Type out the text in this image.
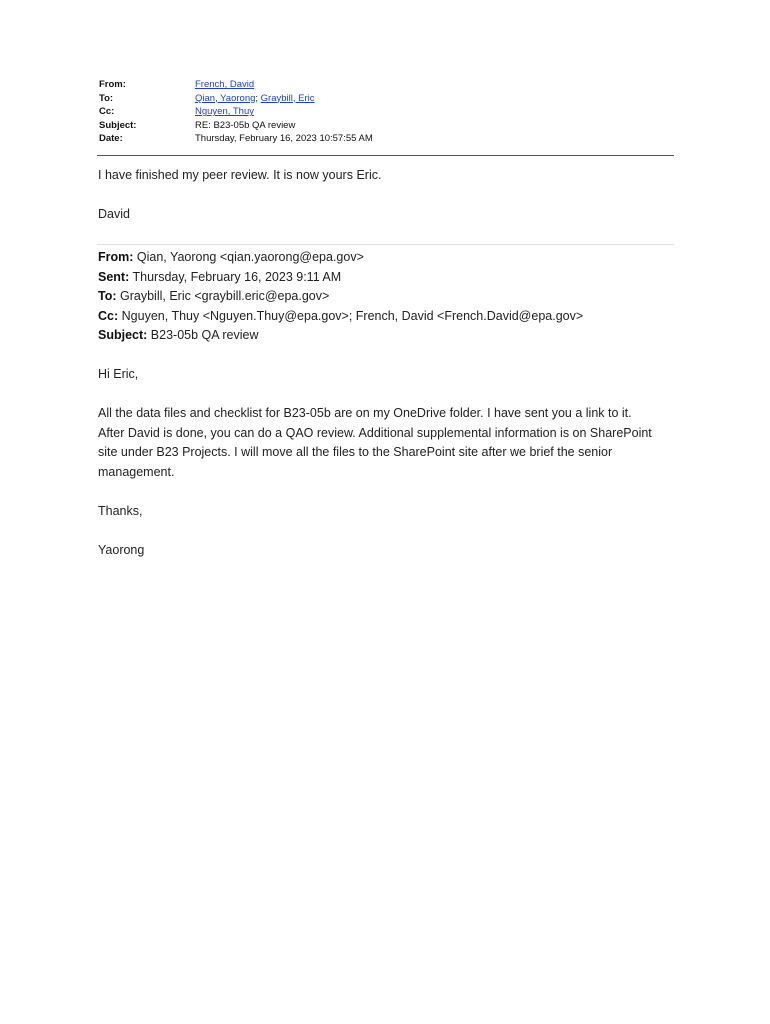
From:	French, David
To:	Qian, Yaorong; Graybill, Eric
Cc:	Nguyen, Thuy
Subject:	RE: B23-05b QA review
Date:	Thursday, February 16, 2023 10:57:55 AM

I have finished my peer review. It is now yours Eric.

David

From: Qian, Yaorong <qian.yaorong@epa.gov>

Sent: Thursday, February 16, 2023 9:11 AM

To: Graybill, Eric <graybill.eric@epa.gov>

Cc: Nguyen, Thuy <Nguyen.Thuy@epa.gov>; French, David <French.David@epa.gov>

Subject: B23-05b QA review

Hi Eric,

All the data files and checklist for B23-05b are on my OneDrive folder. I have sent you a link to it.

After David is done, you can do a QAO review. Additional supplemental information is on SharePoint

site under B23 Projects. I will move all the files to the SharePoint site after we brief the senior

management.

Thanks,

Yaorong
